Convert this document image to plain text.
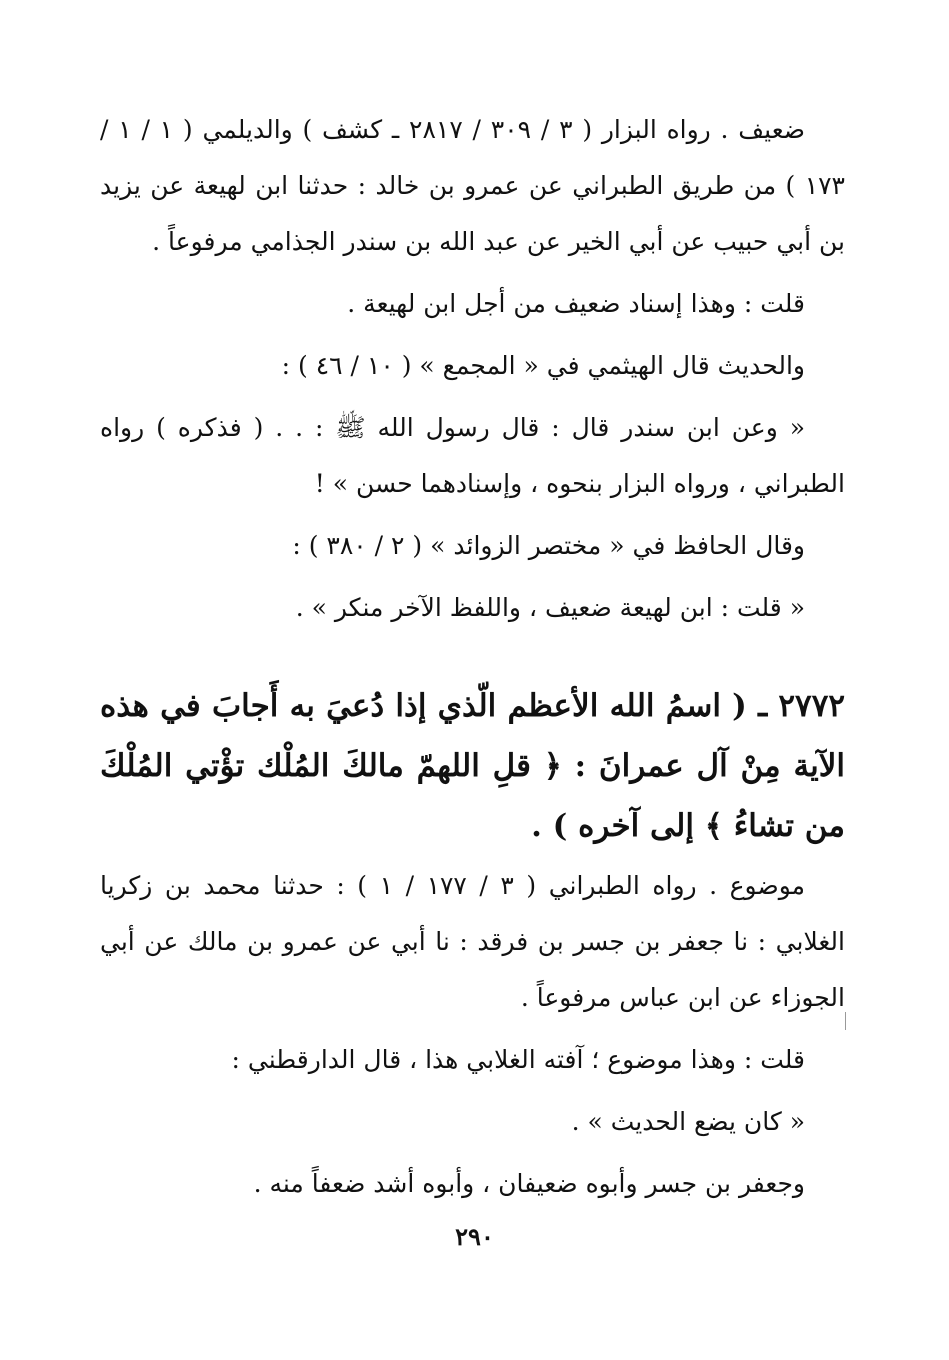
ضعيف . رواه البزار ( ٣ / ٣٠٩ / ٢٨١٧ ـ كشف ) والديلمي ( ١ / ١ / ١٧٣ ) من طريق الطبراني عن عمرو بن خالد : حدثنا ابن لهيعة عن يزيد بن أبي حبيب عن أبي الخير عن عبد الله بن سندر الجذامي مرفوعاً .

قلت : وهذا إسناد ضعيف من أجل ابن لهيعة .

والحديث قال الهيثمي في « المجمع » ( ١٠ / ٤٦ ) :

« وعن ابن سندر قال : قال رسول الله ﷺ : . . ( فذكره ) رواه الطبراني ، ورواه البزار بنحوه ، وإسنادهما حسن » !

وقال الحافظ في « مختصر الزوائد » ( ٢ / ٣٨٠ ) :

« قلت : ابن لهيعة ضعيف ، واللفظ الآخر منكر » .

٢٧٧٢ ـ ( اسمُ الله الأعظم الّذي إذا دُعيَ به أَجابَ في هذه الآية مِنْ آل عمرانَ : ﴿ قلِ اللهمّ مالكَ المُلْك تؤْتي المُلْكَ من تشاءُ ﴾ إلى آخره ) .

موضوع . رواه الطبراني ( ٣ / ١٧٧ / ١ ) : حدثنا محمد بن زكريا الغلابي : نا جعفر بن جسر بن فرقد : نا أبي عن عمرو بن مالك عن أبي الجوزاء عن ابن عباس مرفوعاً .

قلت : وهذا موضوع ؛ آفته الغلابي هذا ، قال الدارقطني :

« كان يضع الحديث » .

وجعفر بن جسر وأبوه ضعيفان ، وأبوه أشد ضعفاً منه .

٢٩٠
